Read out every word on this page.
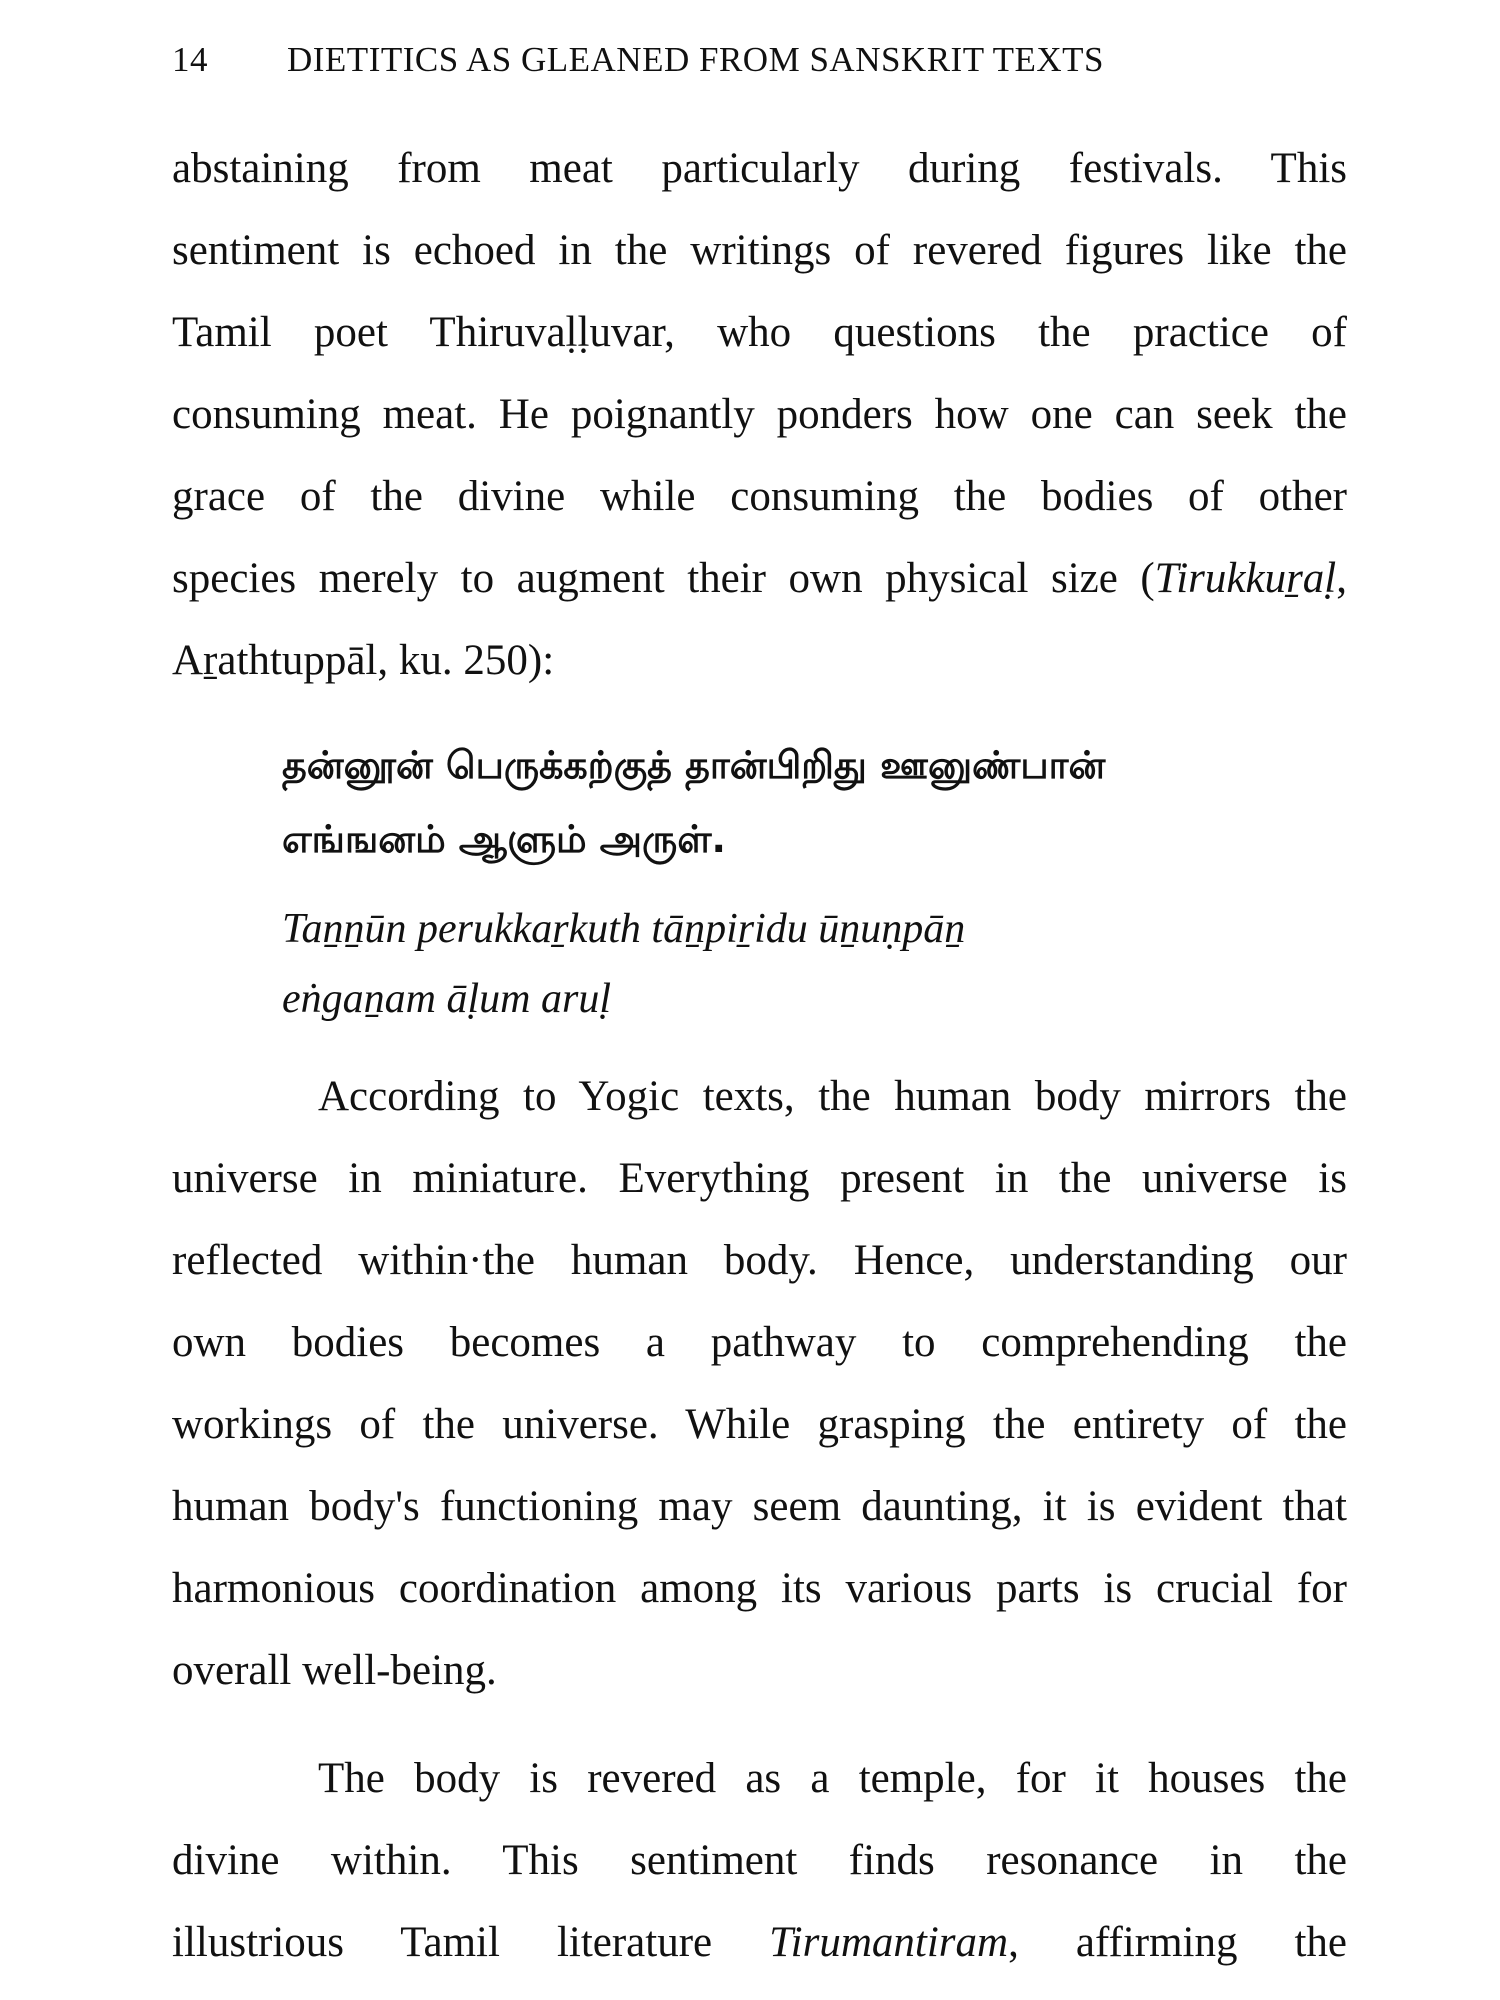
14 DIETITICS AS GLEANED FROM SANSKRIT TEXTS
abstaining from meat particularly during festivals. This
sentiment is echoed in the writings of revered figures like the
Tamil poet Thiruvaḷḷuvar, who questions the practice of
consuming meat. He poignantly ponders how one can seek the
grace of the divine while consuming the bodies of other
species merely to augment their own physical size (Tirukkuṟaḷ,
Aṟathtuppāl, ku. 250):
தன்னூன் பெருக்கற்குத் தான்பிறிது ஊனுண்பான்
எங்ஙனம் ஆளும் அருள்.
Taṉṉūn perukkaṟkuth tāṉpiṟidu ūṉuṇpāṉ
eṅgaṉam āḷum aruḷ
According to Yogic texts, the human body mirrors the
universe in miniature. Everything present in the universe is
reflected within·the human body. Hence, understanding our
own bodies becomes a pathway to comprehending the
workings of the universe. While grasping the entirety of the
human body's functioning may seem daunting, it is evident that
harmonious coordination among its various parts is crucial for
overall well-being.
The body is revered as a temple, for it houses the
divine within. This sentiment finds resonance in the
illustrious Tamil literature Tirumantiram, affirming the
